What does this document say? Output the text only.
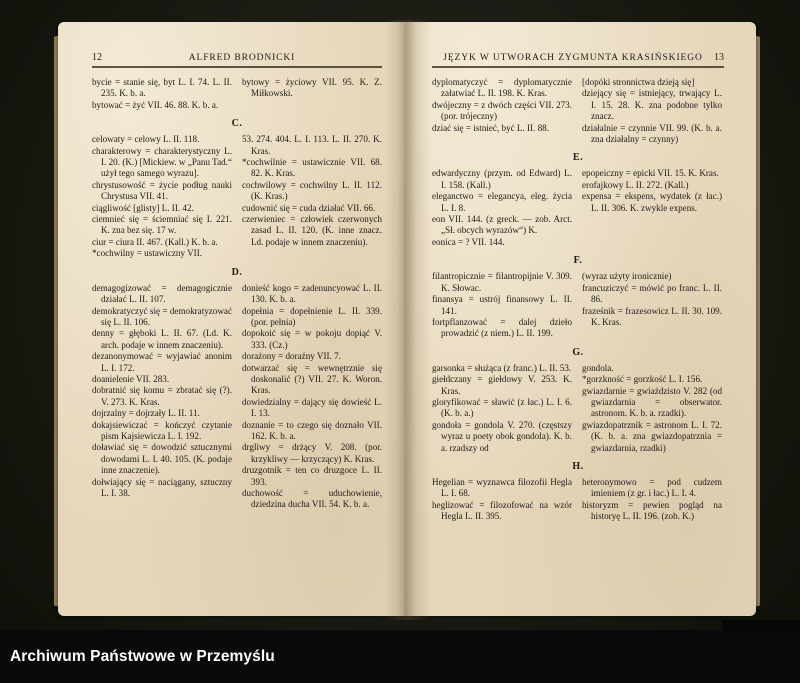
12	ALFRED BRODNICKI
bycie = stanie się, byt L. I. 74. L. II. 235. K. b. a.
bytować = żyć VII. 46. 88. K. b. a.
bytowy = życiowy VII. 95. K. Z. Miłkowski.
C.
celowaty = celowy L. II. 118.
charakterowy = charakterystyczny L. I. 20. (K.) [Mickiew. w „Panu Tad.“ użył tego samego wyrazu].
chrystusowość = życie podług nauki Chrystusa VII. 41.
ciągliwość [glisty] L. II. 42.
ciemnieć się = ściemniać się I. 221. K. zna bez się. 17 w.
ciur = ciura II. 467. (Kall.) K. b. a.
*cochwilny = ustawiczny VII.
53. 274. 404. L. I. 113. L. II. 270. K. Kras.
*cochwilnie = ustawicznie VII. 68. 82. K. Kras.
cochwilowy = cochwilny L. II. 112. (K. Kras.)
cudownić się = cuda działać VII. 66.
czerwieniec = człowiek czerwonych zasad L. II. 120. (K. inne znacz. Ld. podaje w innem znaczeniu).
D.
demagogizować = demagogicznie działać L. II. 107.
demokratyczyć się = demokratyzować się L. II. 106.
denny = głęboki L. II. 67. (Ld. K. arch. podaje w innem znaczeniu).
dezanonymować = wyjawiać anonim L. I. 172.
doanielenie VII. 283.
dobratnić się komu = zbratać się (?). V. 273. K. Kras.
dojrzalny = dojrzały L. II. 11.
dokajsiewiczać = kończyć czytanie pism Kajsiewicza L. I. 192.
doławiać się = dowodzić sztucznymi dowodami L. I. 40. 105. (K. podaje inne znaczenie).
dołwiający się = naciągany, sztuczny L. I. 38.
donieść kogo = zadenuncyować L. II. 130. K. b. a.
dopełnia = dopełnienie L. II. 339. (por. pełnia)
dopokoić się = w pokoju dopiąć V. 333. (Cz.)
dorażony = doraźny VII. 7.
dotwarzać się = wewnętrznie się doskonalić (?) VII. 27. K. Woron. Kras.
dowiedzialny = dający się dowieść L. I. 13.
doznanie = to czego się doznało VII. 162. K. b. a.
drgliwy = drżący V. 208. (por. krzykliwy — krzyczący) K. Kras.
druzgotnik = ten co druzgoce L. II. 393.
duchowość = uduchowienie, dziedzina ducha VII. 54. K. b. a.
JĘZYK W UTWORACH ZYGMUNTA KRASIŃSKIEGO	13
dyplomatyczyć = dyplomatycznie załatwiać L. II. 198. K. Kras.
dwójeczny = z dwóch części VII. 273. (por. trójeczny)
dziać się = istnieć, być L. II. 88.
[dopóki stronnictwa dzieją się]
dziejący się = istniejący, trwający L. I. 15. 28. K. zna podobne tylko znacz.
działalnie = czynnie VII. 99. (K. b. a. zna działalny = czynny)
E.
edwardyczny (przym. od Edward) L. I. 158. (Kall.)
eleganctwo = elegancya, eleg. życia L. I. 8.
eon VII. 144. (z greck. — zob. Arct. „Sł. obcych wyrazów“) K.
eonica = ? VII. 144.
epopeiczny = epicki VII. 15. K. Kras.
erofajkowy L. II. 272. (Kall.)
expensa = ekspens, wydatek (z łac.) L. II. 306. K. zwykle expens.
F.
filantropicznie = filantropijnie V. 309. K. Słowac.
finansya = ustrój finansowy L. II. 141.
fortpflanzować = dalej dzieło prowadzić (z niem.) L. II. 199.
(wyraz użyty ironicznie)
francuziczyć = mówić po franc. L. II. 86.
fraześnik = frazesowicz L. II. 30. 109. K. Kras.
G.
garsonka = służąca (z franc.) L. II. 53.
giełdczany = giełdowy V. 253. K. Kras.
gloryfikować = sławić (z łac.) L. I. 6. (K. b. a.)
gondoła = gondola V. 270. (częstszy wyraz u poety obok gondola). K. b. a. rzadszy od
gondola.
*gorzkność = gorzkość L. I. 156.
gwiazdarnie = gwiaździsto V. 282 (od gwiazdarnia = obserwator. astronom. K. b. a. rzadki).
gwiazdopatrznik = astronom L. I. 72. (K. b. a. zna gwiazdopatrznia = gwiazdarnia, rzadki)
H.
Hegelian = wyznawca filozofii Hegla L. I. 68.
heglizować = filozofować na wzór Hegla L. II. 395.
heteronymowo = pod cudzem imieniem (z gr. i łac.) L. I. 4.
historyzm = pewien pogląd na historyę L. II. 196. (zob. K.)
Archiwum Państwowe w Przemyślu
